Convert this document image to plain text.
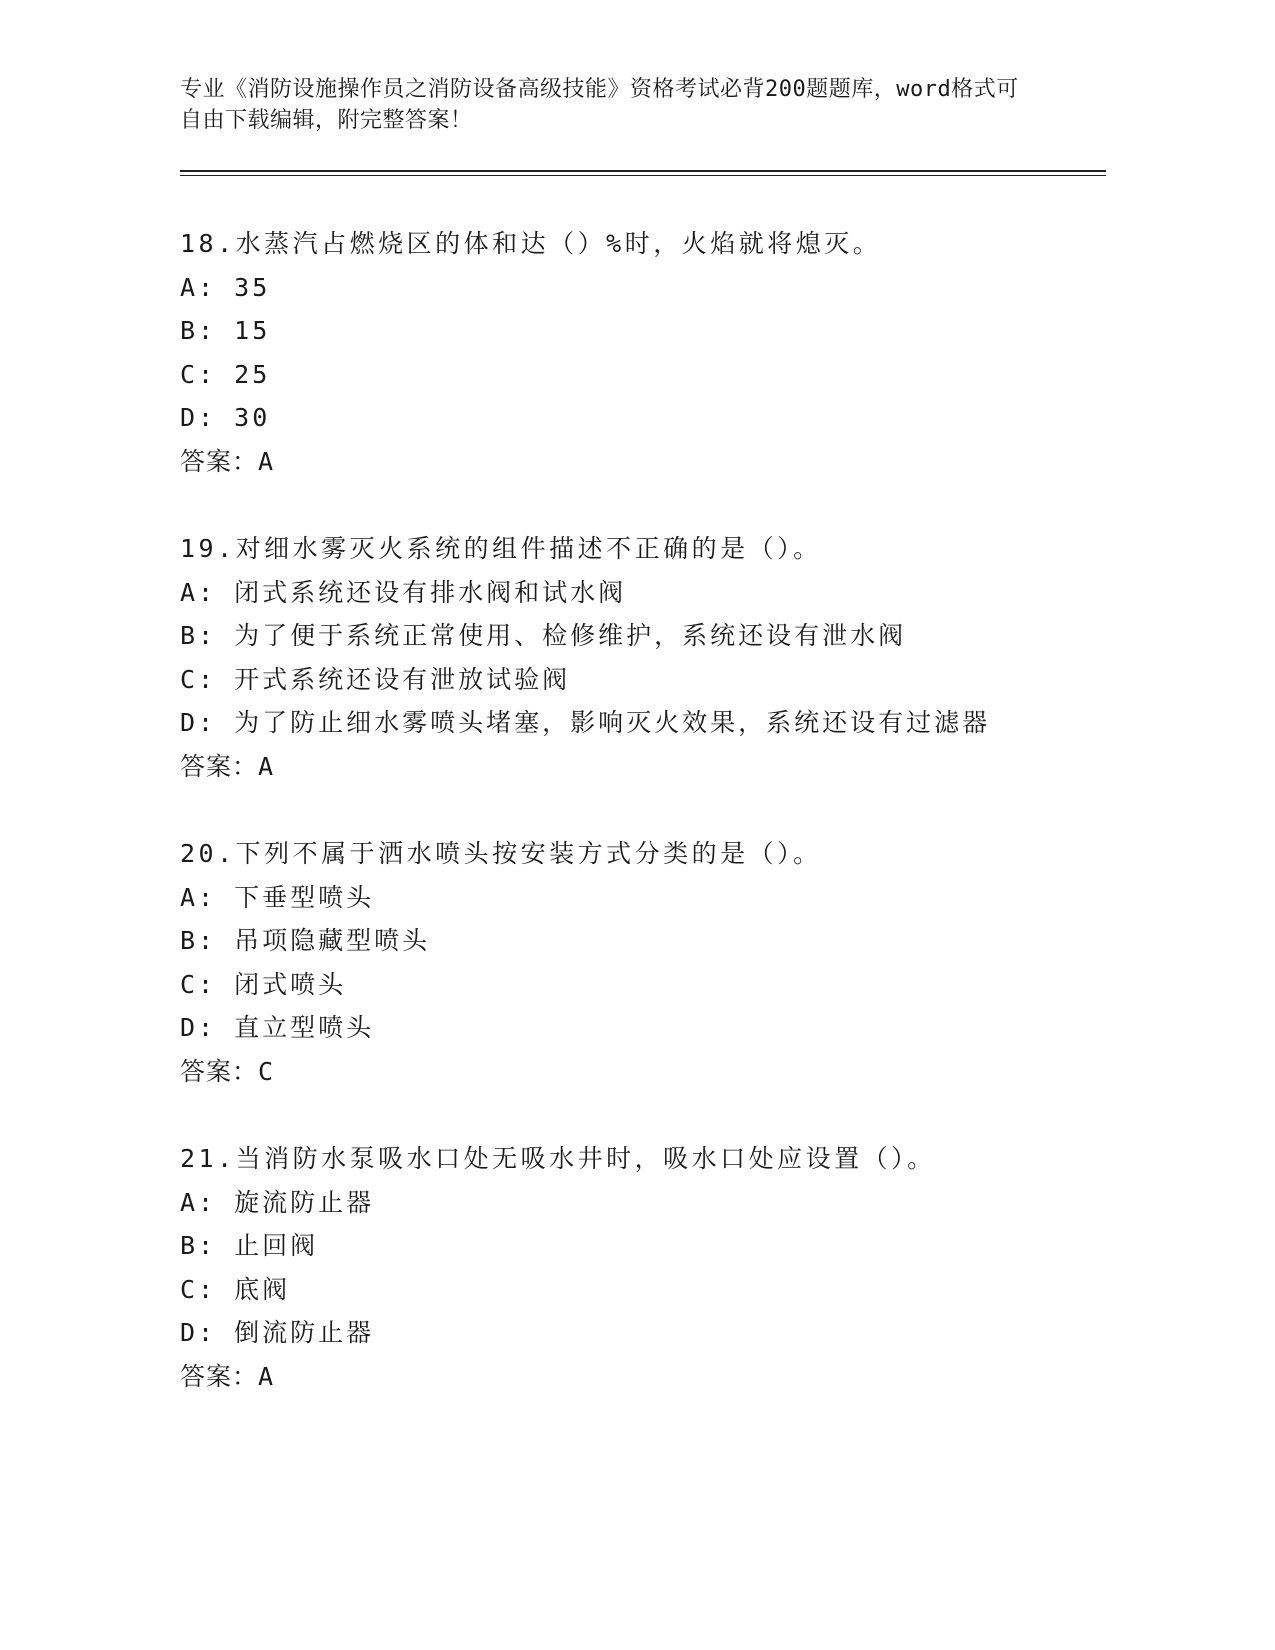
专业《消防设施操作员之消防设备高级技能》资格考试必背200题题库，word格式可自由下载编辑，附完整答案！
18.水蒸汽占燃烧区的体和达（）%时，火焰就将熄灭。
A: 35
B: 15
C: 25
D: 30
答案：A
19.对细水雾灭火系统的组件描述不正确的是（）。
A: 闭式系统还设有排水阀和试水阀
B: 为了便于系统正常使用、检修维护，系统还设有泄水阀
C: 开式系统还设有泄放试验阀
D: 为了防止细水雾喷头堵塞，影响灭火效果，系统还设有过滤器
答案：A
20.下列不属于洒水喷头按安装方式分类的是（）。
A: 下垂型喷头
B: 吊项隐藏型喷头
C: 闭式喷头
D: 直立型喷头
答案：C
21.当消防水泵吸水口处无吸水井时，吸水口处应设置（）。
A: 旋流防止器
B: 止回阀
C: 底阀
D: 倒流防止器
答案：A
